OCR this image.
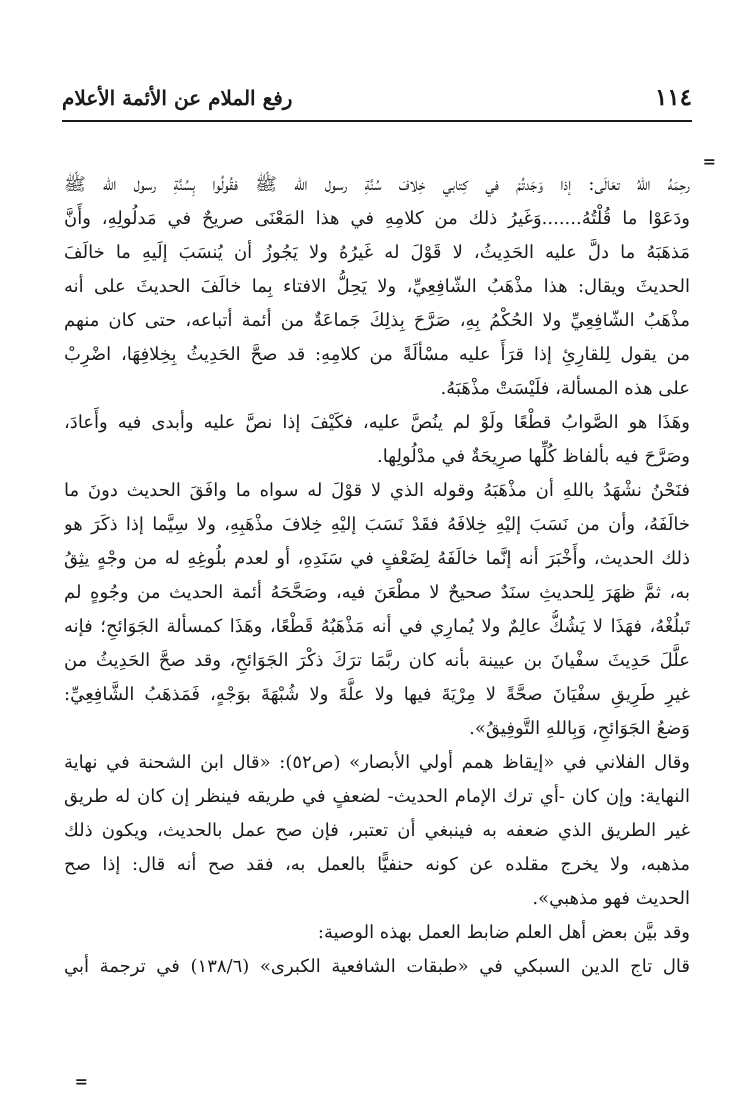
١١٤
رفع الملام عن الأئمة الأعلام
=
رحِمَهُ اللهُ تعَالَى: إذا وَجَدتُمْ في كِتابي خِلافَ سُنَّةِ رسول الله ﷺ فقُولُوا بِسُنَّةِ رسول الله ﷺ
ودَعَوْا ما قُلْتُهُ.......وَغَيرُ ذلك من كلامِهِ في هذا المَعْنَى صريحٌ في مَدلُولِهِ، وأَنَّ
مَذهَبَهُ ما دلَّ عليه الحَدِيثُ، لا قَوْلَ له غَيرُهُ ولا يَجُوزُ أن يُنسَبَ إلَيهِ ما خالَفَ
الحديثَ ويقال: هذا مذْهَبُ الشّافِعِيِّ، ولا يَحِلُّ الافتاء بِما خالَفَ الحديثَ على أنه
مذْهَبُ الشّافِعِيِّ ولا الحُكْمُ بِهِ، صَرَّحَ بِذلِكَ جَماعَةٌ من أئمة أتباعه، حتى كان منهم
من يقول لِلقارِئِ إذا قرَأَ عليه مسْألَةً من كلامِهِ: قد صحَّ الحَدِيثُ بِخِلافِهَا، اضْرِبْ
على هذه المسألة، فلَيْسَتْ مذْهَبَهُ.
وهَذَا هو الصَّوابُ قطْعًا ولَوْ لم ينُصَّ عليه، فكَيْفَ إذا نصَّ عليه وأبدى فيه وأَعادَ،
وصَرَّحَ فيه بألفاظ كُلِّها صرِيحَةٌ في مدْلُولِها.
فنَحْنُ نشْهَدُ باللهِ أن مذْهَبَهُ وقوله الذي لا قوْلَ له سواه ما وافَقَ الحديث دونَ ما
خالَفَهُ، وأن من نَسَبَ إليْهِ خِلافَهُ فقَدْ نَسَبَ إليْهِ خِلافَ مذْهَبِهِ، ولا سِيَّما إذا ذكَرَ هو
ذلك الحديث، وأَخْبَرَ أنه إنَّما خالَفَهُ لِضَعْفٍ في سَنَدِهِ، أو لعدم بلُوغِهِ له من وجْهٍ يثِقُ
به، ثمَّ ظهَرَ لِلحديثِ سنَدٌ صحيحٌ لا مطْعَنَ فيه، وصَحَّحَهُ أئمة الحديث من وجُوهٍ لم
تَبلُغْهُ، فهَذَا لا يَشُكُّ عالِمٌ ولا يُمارِي في أنه مَذْهَبُهُ قَطْعًا، وهَذَا كمسألة الجَوَائحِ؛ فإنه
علَّلَ حَدِيثَ سفْيانَ بن عيينة بأنه كان ربَّمَا ترَكَ ذكْرَ الجَوَائحِ، وقد صحَّ الحَدِيثُ من
غيرِ طَرِيقِ سفْيَانَ صحَّةً لا مِرْيَةَ فيها ولا علَّةَ ولا شُبْهَةَ بوَجْهٍ، فَمَذهَبُ الشَّافِعِيِّ:
وَضعُ الجَوَائحِ، وَبِاللهِ التَّوفِيقُ».
وقال الفلاني في «إيقاظ همم أولي الأبصار» (ص٥٢): «قال ابن الشحنة في نهاية
النهاية: وإن كان -أي ترك الإمام الحديث- لضعفٍ في طريقه فينظر إن كان له طريق
غير الطريق الذي ضعفه به فينبغي أن تعتبر، فإن صح عمل بالحديث، ويكون ذلك
مذهبه، ولا يخرج مقلده عن كونه حنفيًّا بالعمل به، فقد صح أنه قال: إذا صح
الحديث فهو مذهبي».
وقد بيَّن بعض أهل العلم ضابط العمل بهذه الوصية:
قال تاج الدين السبكي في «طبقات الشافعية الكبرى» (١٣٨/٦) في ترجمة أبي
=
